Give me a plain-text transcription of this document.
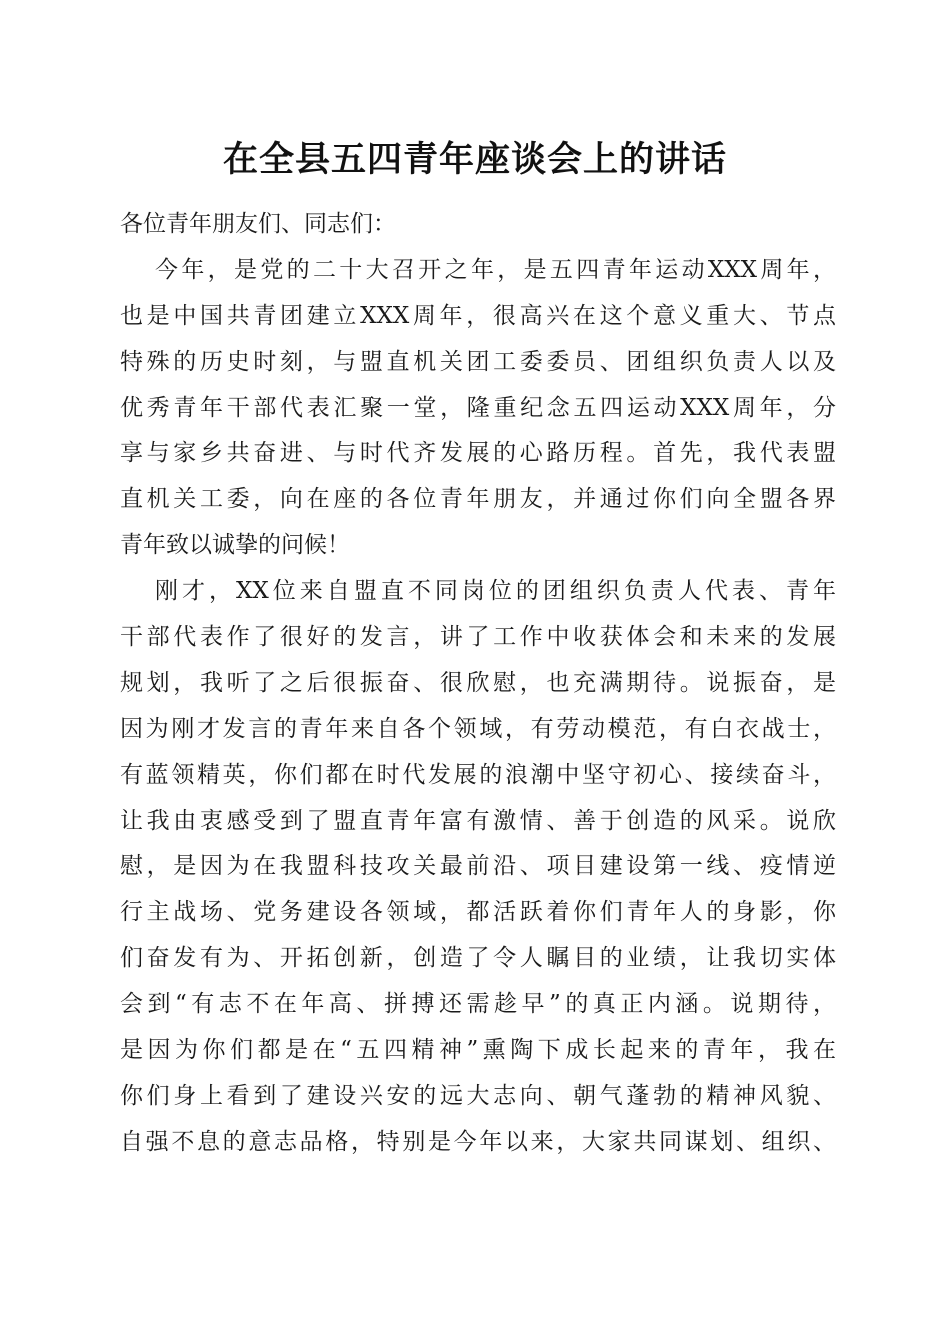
在全县五四青年座谈会上的讲话
各位青年朋友们、同志们：
今年，是党的二十大召开之年，是五四青年运动XXX周年，
也是中国共青团建立XXX周年，很高兴在这个意义重大、节点
特殊的历史时刻，与盟直机关团工委委员、团组织负责人以及
优秀青年干部代表汇聚一堂，隆重纪念五四运动XXX周年，分
享与家乡共奋进、与时代齐发展的心路历程。首先，我代表盟
直机关工委，向在座的各位青年朋友，并通过你们向全盟各界
青年致以诚挚的问候！
刚才，XX位来自盟直不同岗位的团组织负责人代表、青年
干部代表作了很好的发言，讲了工作中收获体会和未来的发展
规划，我听了之后很振奋、很欣慰，也充满期待。说振奋，是
因为刚才发言的青年来自各个领域，有劳动模范，有白衣战士，
有蓝领精英，你们都在时代发展的浪潮中坚守初心、接续奋斗，
让我由衷感受到了盟直青年富有激情、善于创造的风采。说欣
慰，是因为在我盟科技攻关最前沿、项目建设第一线、疫情逆
行主战场、党务建设各领域，都活跃着你们青年人的身影，你
们奋发有为、开拓创新，创造了令人瞩目的业绩，让我切实体
会到“有志不在年高、拼搏还需趁早”的真正内涵。说期待，
是因为你们都是在“五四精神”熏陶下成长起来的青年，我在
你们身上看到了建设兴安的远大志向、朝气蓬勃的精神风貌、
自强不息的意志品格，特别是今年以来，大家共同谋划、组织、
